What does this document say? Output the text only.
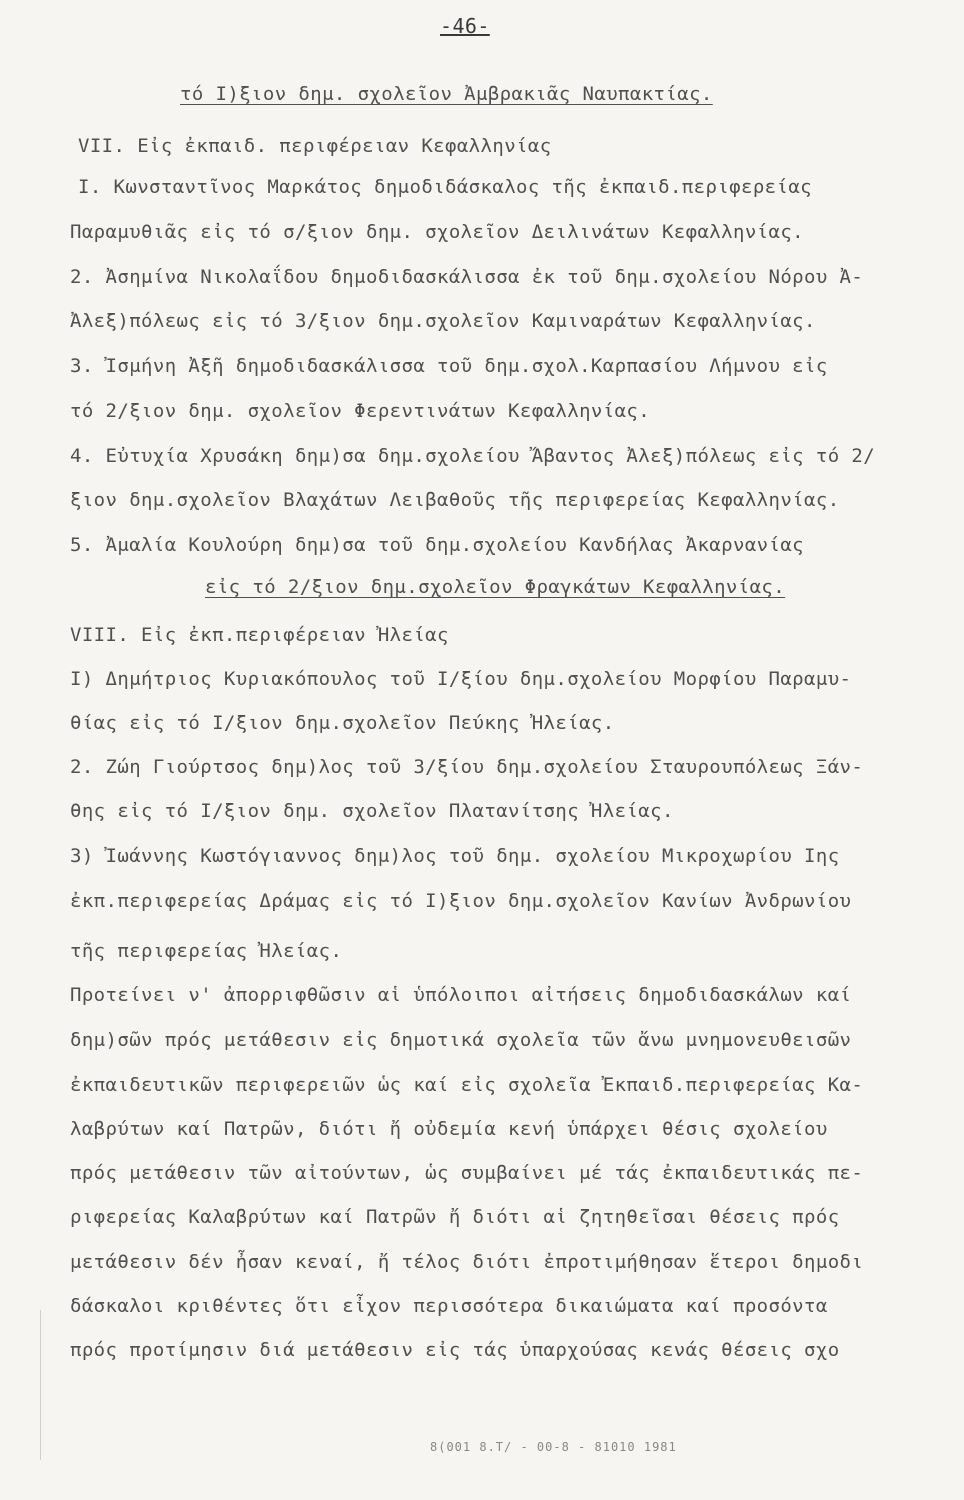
-46-
τό Ι)ξιον δημ. σχολεῖον Ἀμβρακιᾶς Ναυπακτίας.
VII. Εἰς ἐκπαιδ. περιφέρειαν Κεφαλληνίας
Ι. Κωνσταντῖνος Μαρκάτος δημοδιδάσκαλος τῆς ἐκπαιδ.περιφερείας
Παραμυθιᾶς εἰς τό σ/ξιον δημ. σχολεῖον Δειλινάτων Κεφαλληνίας.
2. Ἀσημίνα Νικολαΐδου δημοδιδασκάλισσα ἐκ τοῦ δημ.σχολείου Νόρου Ἀ-
Ἀλεξ)πόλεως εἰς τό 3/ξιον δημ.σχολεῖον Καμιναράτων Κεφαλληνίας.
3. Ἰσμήνη Ἀξῆ δημοδιδασκάλισσα τοῦ δημ.σχολ.Καρπασίου Λήμνου εἰς
τό 2/ξιον δημ. σχολεῖον Φερεντινάτων Κεφαλληνίας.
4. Εὐτυχία Χρυσάκη δημ)σα δημ.σχολείου Ἄβαντος Ἀλεξ)πόλεως εἰς τό 2/
ξιον δημ.σχολεῖον Βλαχάτων Λειβαθοῦς τῆς περιφερείας Κεφαλληνίας.
5. Ἀμαλία Κουλούρη δημ)σα τοῦ δημ.σχολείου Κανδήλας Ἀκαρνανίας
εἰς τό 2/ξιον δημ.σχολεῖον Φραγκάτων Κεφαλληνίας.
VIII. Εἰς ἐκπ.περιφέρειαν Ἠλείας
Ι) Δημήτριος Κυριακόπουλος τοῦ Ι/ξίου δημ.σχολείου Μορφίου Παραμυ-
θίας εἰς τό Ι/ξιον δημ.σχολεῖον Πεύκης Ἠλείας.
2. Ζώη Γιούρτσος δημ)λος τοῦ 3/ξίου δημ.σχολείου Σταυρουπόλεως Ξάν-
θης εἰς τό Ι/ξιον δημ. σχολεῖον Πλατανίτσης Ἠλείας.
3) Ἰωάννης Κωστόγιαννος δημ)λος τοῦ δημ. σχολείου Μικροχωρίου Ιης
ἐκπ.περιφερείας Δράμας εἰς τό Ι)ξιον δημ.σχολεῖον Κανίων Ἀνδρωνίου
τῆς περιφερείας Ἠλείας.
Προτείνει ν' ἀπορριφθῶσιν αἱ ὑπόλοιποι αἰτήσεις δημοδιδασκάλων καί
δημ)σῶν πρός μετάθεσιν εἰς δημοτικά σχολεῖα τῶν ἄνω μνημονευθεισῶν
ἐκπαιδευτικῶν περιφερειῶν ὡς καί εἰς σχολεῖα Ἐκπαιδ.περιφερείας Κα-
λαβρύτων καί Πατρῶν, διότι ἤ οὐδεμία κενή ὑπάρχει θέσις σχολείου
πρός μετάθεσιν τῶν αἰτούντων, ὡς συμβαίνει μέ τάς ἐκπαιδευτικάς πε-
ριφερείας Καλαβρύτων καί Πατρῶν ἤ διότι αἱ ζητηθεῖσαι θέσεις πρός
μετάθεσιν δέν ἦσαν κεναί, ἤ τέλος διότι ἐπροτιμήθησαν ἕτεροι δημοδι
δάσκαλοι κριθέντες ὅτι εἶχον περισσότερα δικαιώματα καί προσόντα
πρός προτίμησιν διά μετάθεσιν εἰς τάς ὑπαρχούσας κενάς θέσεις σχο
8(001 8.T/ - 00-8 - 81010 1981
